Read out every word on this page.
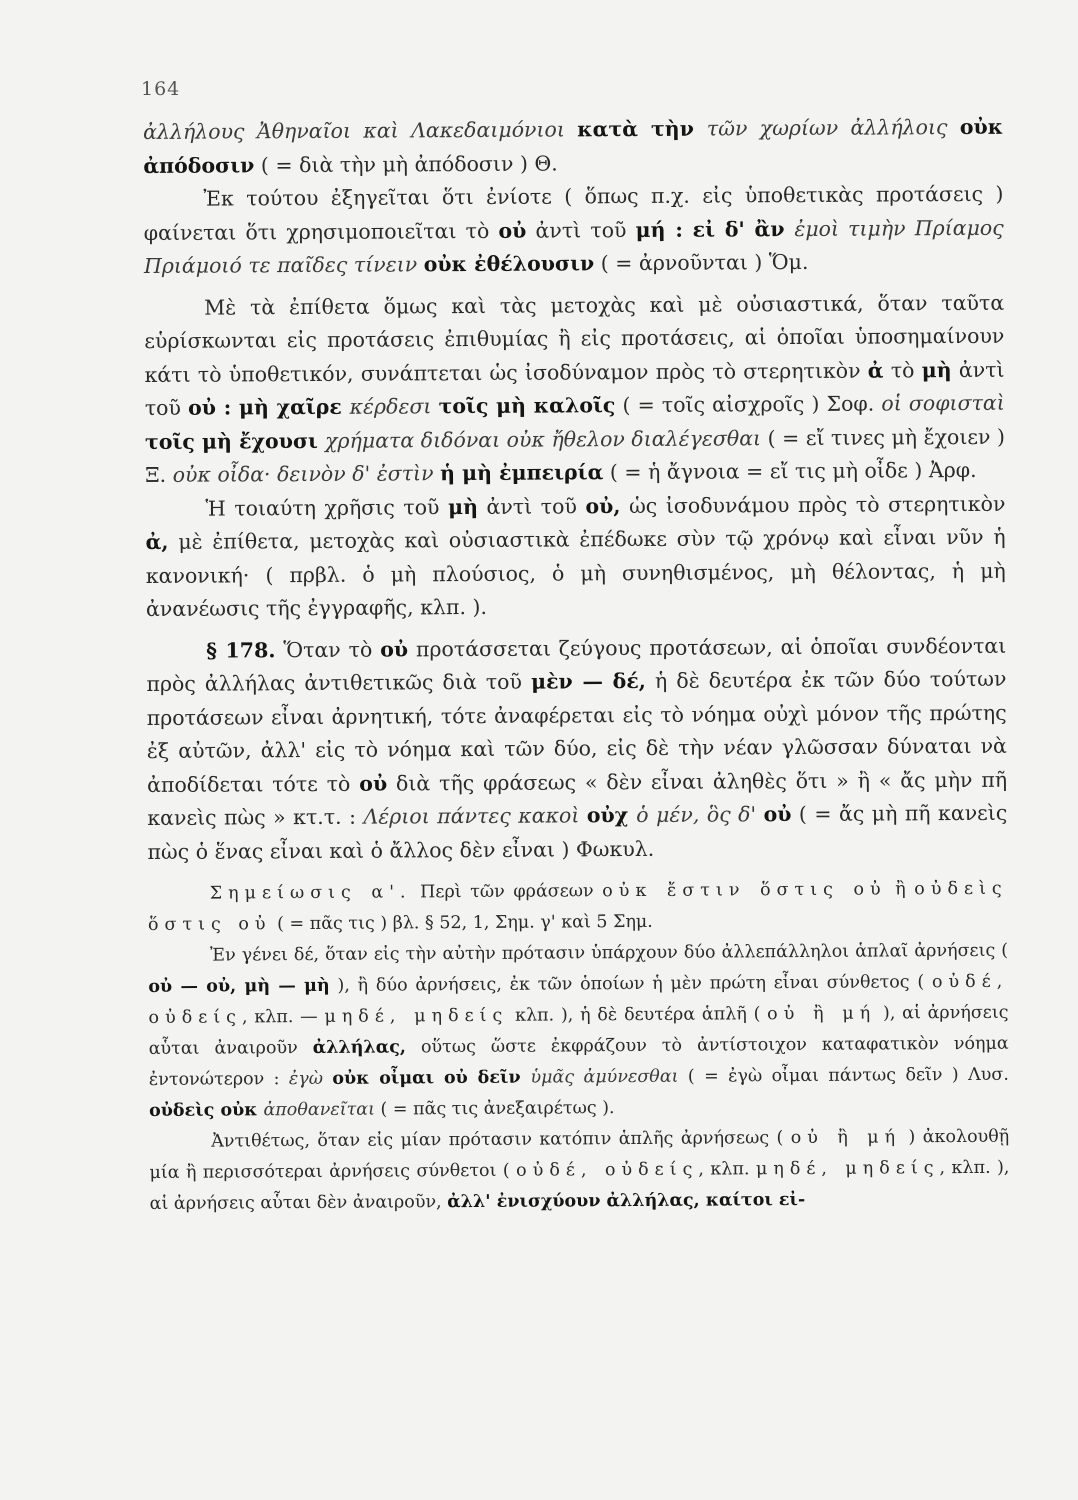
164

ἀλλήλους Ἀθηναῖοι καὶ Λακεδαιμόνιοι κατὰ τὴν τῶν χωρίων ἀλλήλοις οὐκ ἀπόδοσιν ( = διὰ τὴν μὴ ἀπόδοσιν ) Θ.

Ἐκ τούτου ἐξηγεῖται ὅτι ἐνίοτε ( ὅπως π.χ. εἰς ὑποθετικὰς προτάσεις ) φαίνεται ὅτι χρησιμοποιεῖται τὸ οὐ ἀντὶ τοῦ μή : εἰ δ' ἂν ἐμοὶ τιμὴν Πρίαμος Πριάμοιό τε παῖδες τίνειν οὐκ ἐθέλουσιν ( = ἀρνοῦνται ) Ὅμ.

Μὲ τὰ ἐπίθετα ὅμως καὶ τὰς μετοχὰς καὶ μὲ οὐσιαστικά, ὅταν ταῦτα εὑρίσκωνται εἰς προτάσεις ἐπιθυμίας ἢ εἰς προτάσεις, αἱ ὁποῖαι ὑποσημαίνουν κάτι τὸ ὑποθετικόν, συνάπτεται ὡς ἰσοδύναμον πρὸς τὸ στερητικὸν ἀ τὸ μὴ ἀντὶ τοῦ οὐ : μὴ χαῖρε κέρδεσι τοῖς μὴ καλοῖς ( = τοῖς αἰσχροῖς ) Σοφ. οἱ σοφισταὶ τοῖς μὴ ἔχουσι χρήματα διδόναι οὐκ ἤθελον διαλέγεσθαι ( = εἴ τινες μὴ ἔχοιεν ) Ξ. οὐκ οἶδα· δεινὸν δ' ἐστὶν ἡ μὴ ἐμπειρία ( = ἡ ἄγνοια = εἴ τις μὴ οἶδε ) Ἀρφ.

Ἡ τοιαύτη χρῆσις τοῦ μὴ ἀντὶ τοῦ οὐ, ὡς ἰσοδυνάμου πρὸς τὸ στερητικὸν ἀ, μὲ ἐπίθετα, μετοχὰς καὶ οὐσιαστικὰ ἐπέδωκε σὺν τῷ χρόνῳ καὶ εἶναι νῦν ἡ κανονική· ( πρβλ. ὁ μὴ πλούσιος, ὁ μὴ συνηθισμένος, μὴ θέλοντας, ἡ μὴ ἀνανέωσις τῆς ἐγγραφῆς, κλπ. ).

§ 178. Ὅταν τὸ οὐ προτάσσεται ζεύγους προτάσεων, αἱ ὁποῖαι συνδέονται πρὸς ἀλλήλας ἀντιθετικῶς διὰ τοῦ μὲν — δέ, ἡ δὲ δευτέρα ἐκ τῶν δύο τούτων προτάσεων εἶναι ἀρνητική, τότε ἀναφέρεται εἰς τὸ νόημα οὐχὶ μόνον τῆς πρώτης ἐξ αὐτῶν, ἀλλ' εἰς τὸ νόημα καὶ τῶν δύο, εἰς δὲ τὴν νέαν γλῶσσαν δύναται νὰ ἀποδίδεται τότε τὸ οὐ διὰ τῆς φράσεως « δὲν εἶναι ἀληθὲς ὅτι » ἢ « ἄς μὴν πῆ κανεὶς πὼς » κτ.τ. : Λέριοι πάντες κακοὶ οὐχ ὁ μέν, ὃς δ' οὐ ( = ἄς μὴ πῆ κανεὶς πὼς ὁ ἕνας εἶναι καὶ ὁ ἄλλος δὲν εἶναι ) Φωκυλ.

Σημείωσις α'. Περὶ τῶν φράσεων οὐκ ἔστιν ὅστις οὐ ἢ οὐδεὶς ὅστις οὐ ( = πᾶς τις ) βλ. § 52, 1, Σημ. γ' καὶ 5 Σημ.

Ἐν γένει δέ, ὅταν εἰς τὴν αὐτὴν πρότασιν ὑπάρχουν δύο ἀλλεπάλληλοι ἁπλαῖ ἀρνήσεις ( οὐ — οὐ, μὴ — μὴ ), ἢ δύο ἀρνήσεις, ἐκ τῶν ὁποίων ἡ μὲν πρώτη εἶναι σύνθετος ( οὐδέ, οὐδείς, κλπ. — μηδέ, μηδείς κλπ. ), ἡ δὲ δευτέρα ἁπλῆ ( οὐ ἢ μή ), αἱ ἀρνήσεις αὗται ἀναιροῦν ἀλλήλας, οὕτως ὥστε ἐκφράζουν τὸ ἀντίστοιχον καταφατικὸν νόημα ἐντονώτερον : ἐγὼ οὐκ οἶμαι οὐ δεῖν ὑμᾶς ἀμύνεσθαι ( = ἐγὼ οἶμαι πάντως δεῖν ) Λυσ. οὐδεὶς οὐκ ἀποθανεῖται ( = πᾶς τις ἀνεξαιρέτως ).

Ἀντιθέτως, ὅταν εἰς μίαν πρότασιν κατόπιν ἁπλῆς ἀρνήσεως ( οὐ ἢ μή ) ἀκολουθῇ μία ἢ περισσότεραι ἀρνήσεις σύνθετοι ( οὐδέ, οὐδείς, κλπ. μηδέ, μηδείς, κλπ. ), αἱ ἀρνήσεις αὗται δὲν ἀναιροῦν, ἀλλ' ἐνισχύουν ἀλλήλας, καίτοι εἰ-
